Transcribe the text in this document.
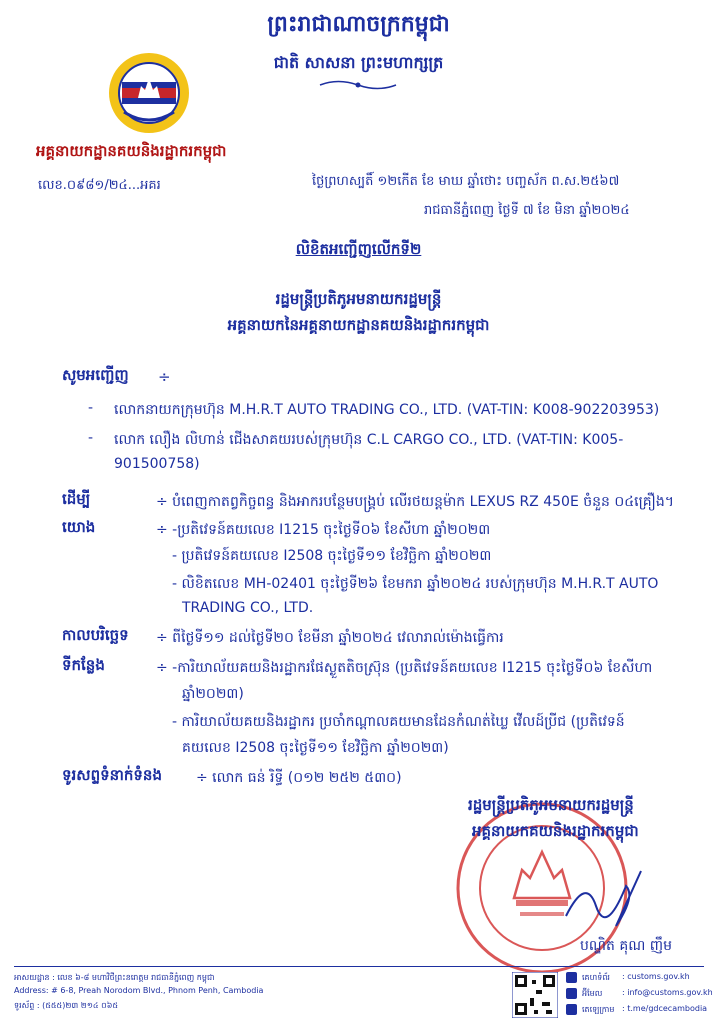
ព្រះរាជាណាចក្រកម្ពុជា
ជាតិ សាសនា ព្រះមហាក្សត្រ
អគ្គនាយកដ្ឋានគយនិងរដ្ឋាករកម្ពុជា
លេខ.០៩៨១/២៤...អគរ	ថ្ងៃព្រហស្បតិ៍ ១២កើត ខែ មាឃ ឆ្នាំថោះ បញ្ចស័ក ព.ស.២៥៦៧
រាជធានីភ្នំពេញ ថ្ងៃទី ៧ ខែ មិនា ឆ្នាំ២០២៤
លិខិតអញ្ជើញលើកទី២
រដ្ឋមន្ត្រីប្រតិភូអមនាយករដ្ឋមន្ត្រី
អគ្គនាយកនៃអគ្គនាយកដ្ឋានគយនិងរដ្ឋាករកម្ពុជា
សូមអញ្ជើញ ÷
- លោកនាយកក្រុមហ៊ុន M.H.R.T AUTO TRADING CO., LTD. (VAT-TIN: K008-902203953)
- លោក លឿង លិហាន់ ជើងសាគយរបស់ក្រុមហ៊ុន C.L CARGO CO., LTD. (VAT-TIN: K005-
901500758)
ដើម្បី	÷ បំពេញកាតព្វកិច្ចពន្ធ និងអាករបន្ថែមបង្គ្រប់ លើរថយន្តម៉ាក LEXUS RZ 450E ចំនួន ០៤គ្រឿង។
យោង	÷ -ប្រតិវេទន៍គយលេខ I1215 ចុះថ្ងៃទី០៦ ខែសីហា ឆ្នាំ២០២៣
- ប្រតិវេទន៍គយលេខ I2508 ចុះថ្ងៃទី១១ ខែវិច្ឆិកា ឆ្នាំ២០២៣
- លិខិតលេខ MH-02401 ចុះថ្ងៃទី២៦ ខែមករា ឆ្នាំ២០២៤ របស់ក្រុមហ៊ុន M.H.R.T AUTO
TRADING CO., LTD.
កាលបរិច្ឆេទ ÷ ពីថ្ងៃទី១១ ដល់ថ្ងៃទី២០ ខែមីនា ឆ្នាំ២០២៤ វេលារាល់ម៉ោងធ្វើការ
ទីកន្លែង	÷ -ការិយាល័យគយនិងរដ្ឋាករផែស្ងួតតិចស្រ៊ុន (ប្រតិវេទន៍គយលេខ I1215 ចុះថ្ងៃទី០៦ ខែសីហា
ឆ្នាំ២០២៣)
- ការិយាល័យគយនិងរដ្ឋាករ ប្រចាំកណ្តាលគយមានដែនកំណត់ឃ្លៃ វើលដ៍ប្រីជ (ប្រតិវេទន៍
គយលេខ I2508 ចុះថ្ងៃទី១១ ខែវិច្ឆិកា ឆ្នាំ២០២៣)
ទូរសព្ទទំនាក់ទំនង ÷ លោក ធន់ រិទ្ធី (០១២ ២៥២ ៥៣០)
រដ្ឋមន្ត្រីប្រតិភូអមនាយករដ្ឋមន្ត្រី
អគ្គនាយកគយនិងរដ្ឋាករកម្ពុជា
បណ្ឌិត គុណ ញឹម
អាសយដ្ឋាន : លេខ ៦-៨ មហាវិថីព្រះនរោត្តម រាជធានីភ្នំពេញ កម្ពុជា
Address: # 6-8, Preah Norodom Blvd., Phnom Penh, Cambodia
ទូរស័ព្ទ : (៥៥៥)២៣ ២១៤ ០៦៥
គេហទំព័រ : customs.gov.kh
អ៊ីមែល : info@customs.gov.kh
តេឡេក្រាម : t.me/gdcecambodia
